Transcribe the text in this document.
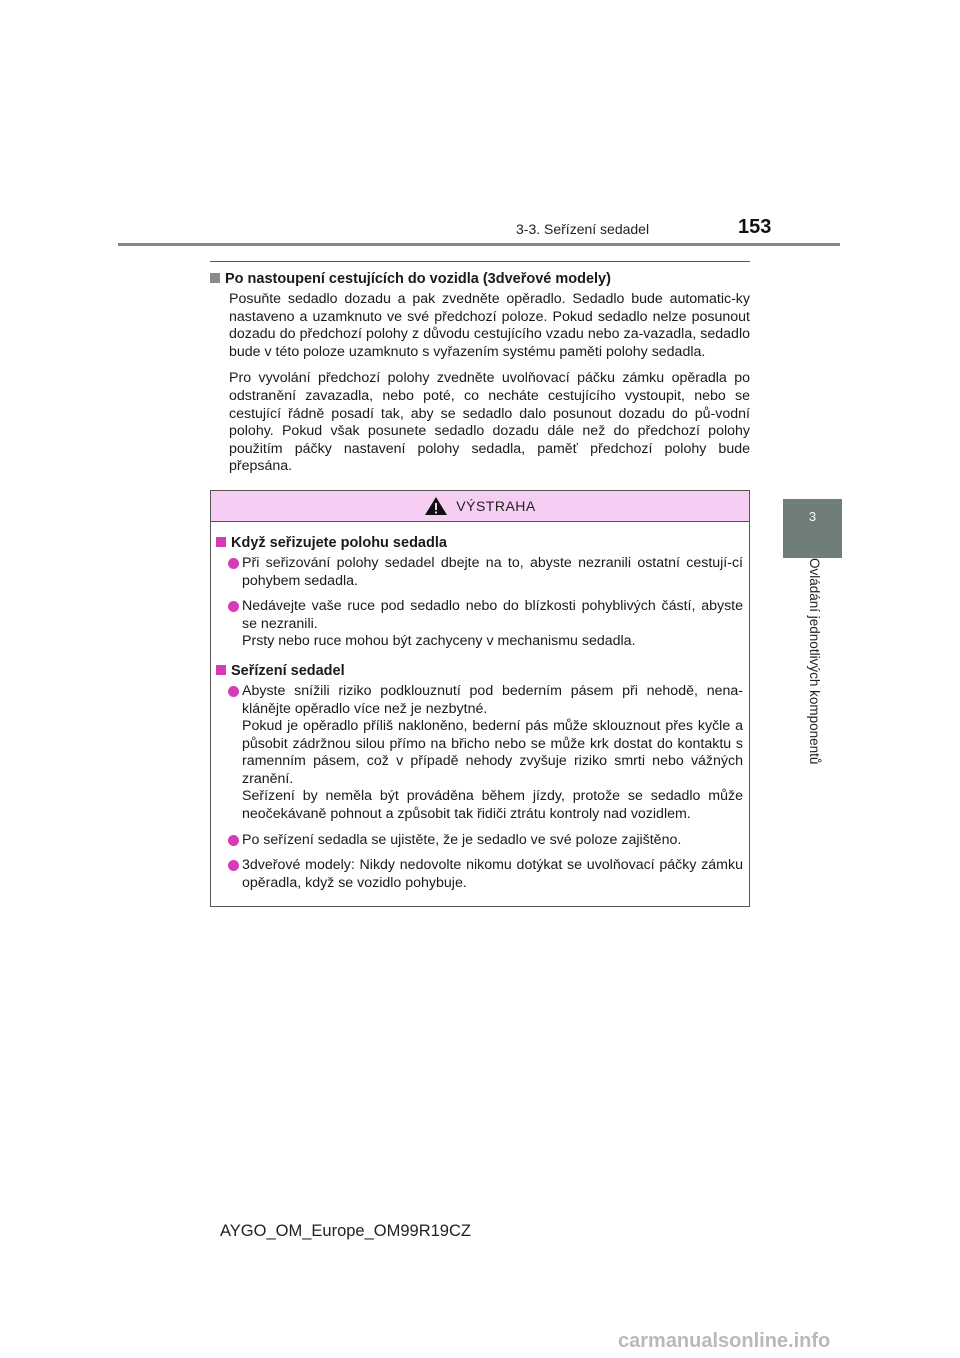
3-3. Seřízení sedadel	153
3
Ovládání jednotlivých komponentů

Po nastoupení cestujících do vozidla (3dveřové modely)

Posuňte sedadlo dozadu a pak zvedněte opěradlo. Sedadlo bude automatic-ky nastaveno a uzamknuto ve své předchozí poloze. Pokud sedadlo nelze posunout dozadu do předchozí polohy z důvodu cestujícího vzadu nebo za-vazadla, sedadlo bude v této poloze uzamknuto s vyřazením systému paměti polohy sedadla.

Pro vyvolání předchozí polohy zvedněte uvolňovací páčku zámku opěradla po odstranění zavazadla, nebo poté, co necháte cestujícího vystoupit, nebo se cestující řádně posadí tak, aby se sedadlo dalo posunout dozadu do pů-vodní polohy. Pokud však posunete sedadlo dozadu dále než do předchozí polohy použitím páčky nastavení polohy sedadla, paměť předchozí polohy bude přepsána.

VÝSTRAHA

Když seřizujete polohu sedadla

Při seřizování polohy sedadel dbejte na to, abyste nezranili ostatní cestují-cí pohybem sedadla.

Nedávejte vaše ruce pod sedadlo nebo do blízkosti pohyblivých částí, abyste se nezranili.

Prsty nebo ruce mohou být zachyceny v mechanismu sedadla.

Seřízení sedadel

Abyste snížili riziko podklouznutí pod bederním pásem při nehodě, nena-klánějte opěradlo více než je nezbytné.

Pokud je opěradlo příliš nakloněno, bederní pás může sklouznout přes kyčle a působit zádržnou silou přímo na břicho nebo se může krk dostat do kontaktu s ramenním pásem, což v případě nehody zvyšuje riziko smrti nebo vážných zranění.

Seřízení by neměla být prováděna během jízdy, protože se sedadlo může neočekávaně pohnout a způsobit tak řidiči ztrátu kontroly nad vozidlem.

Po seřízení sedadla se ujistěte, že je sedadlo ve své poloze zajištěno.

3dveřové modely: Nikdy nedovolte nikomu dotýkat se uvolňovací páčky zámku opěradla, když se vozidlo pohybuje.

AYGO_OM_Europe_OM99R19CZ
carmanualsonline.info
